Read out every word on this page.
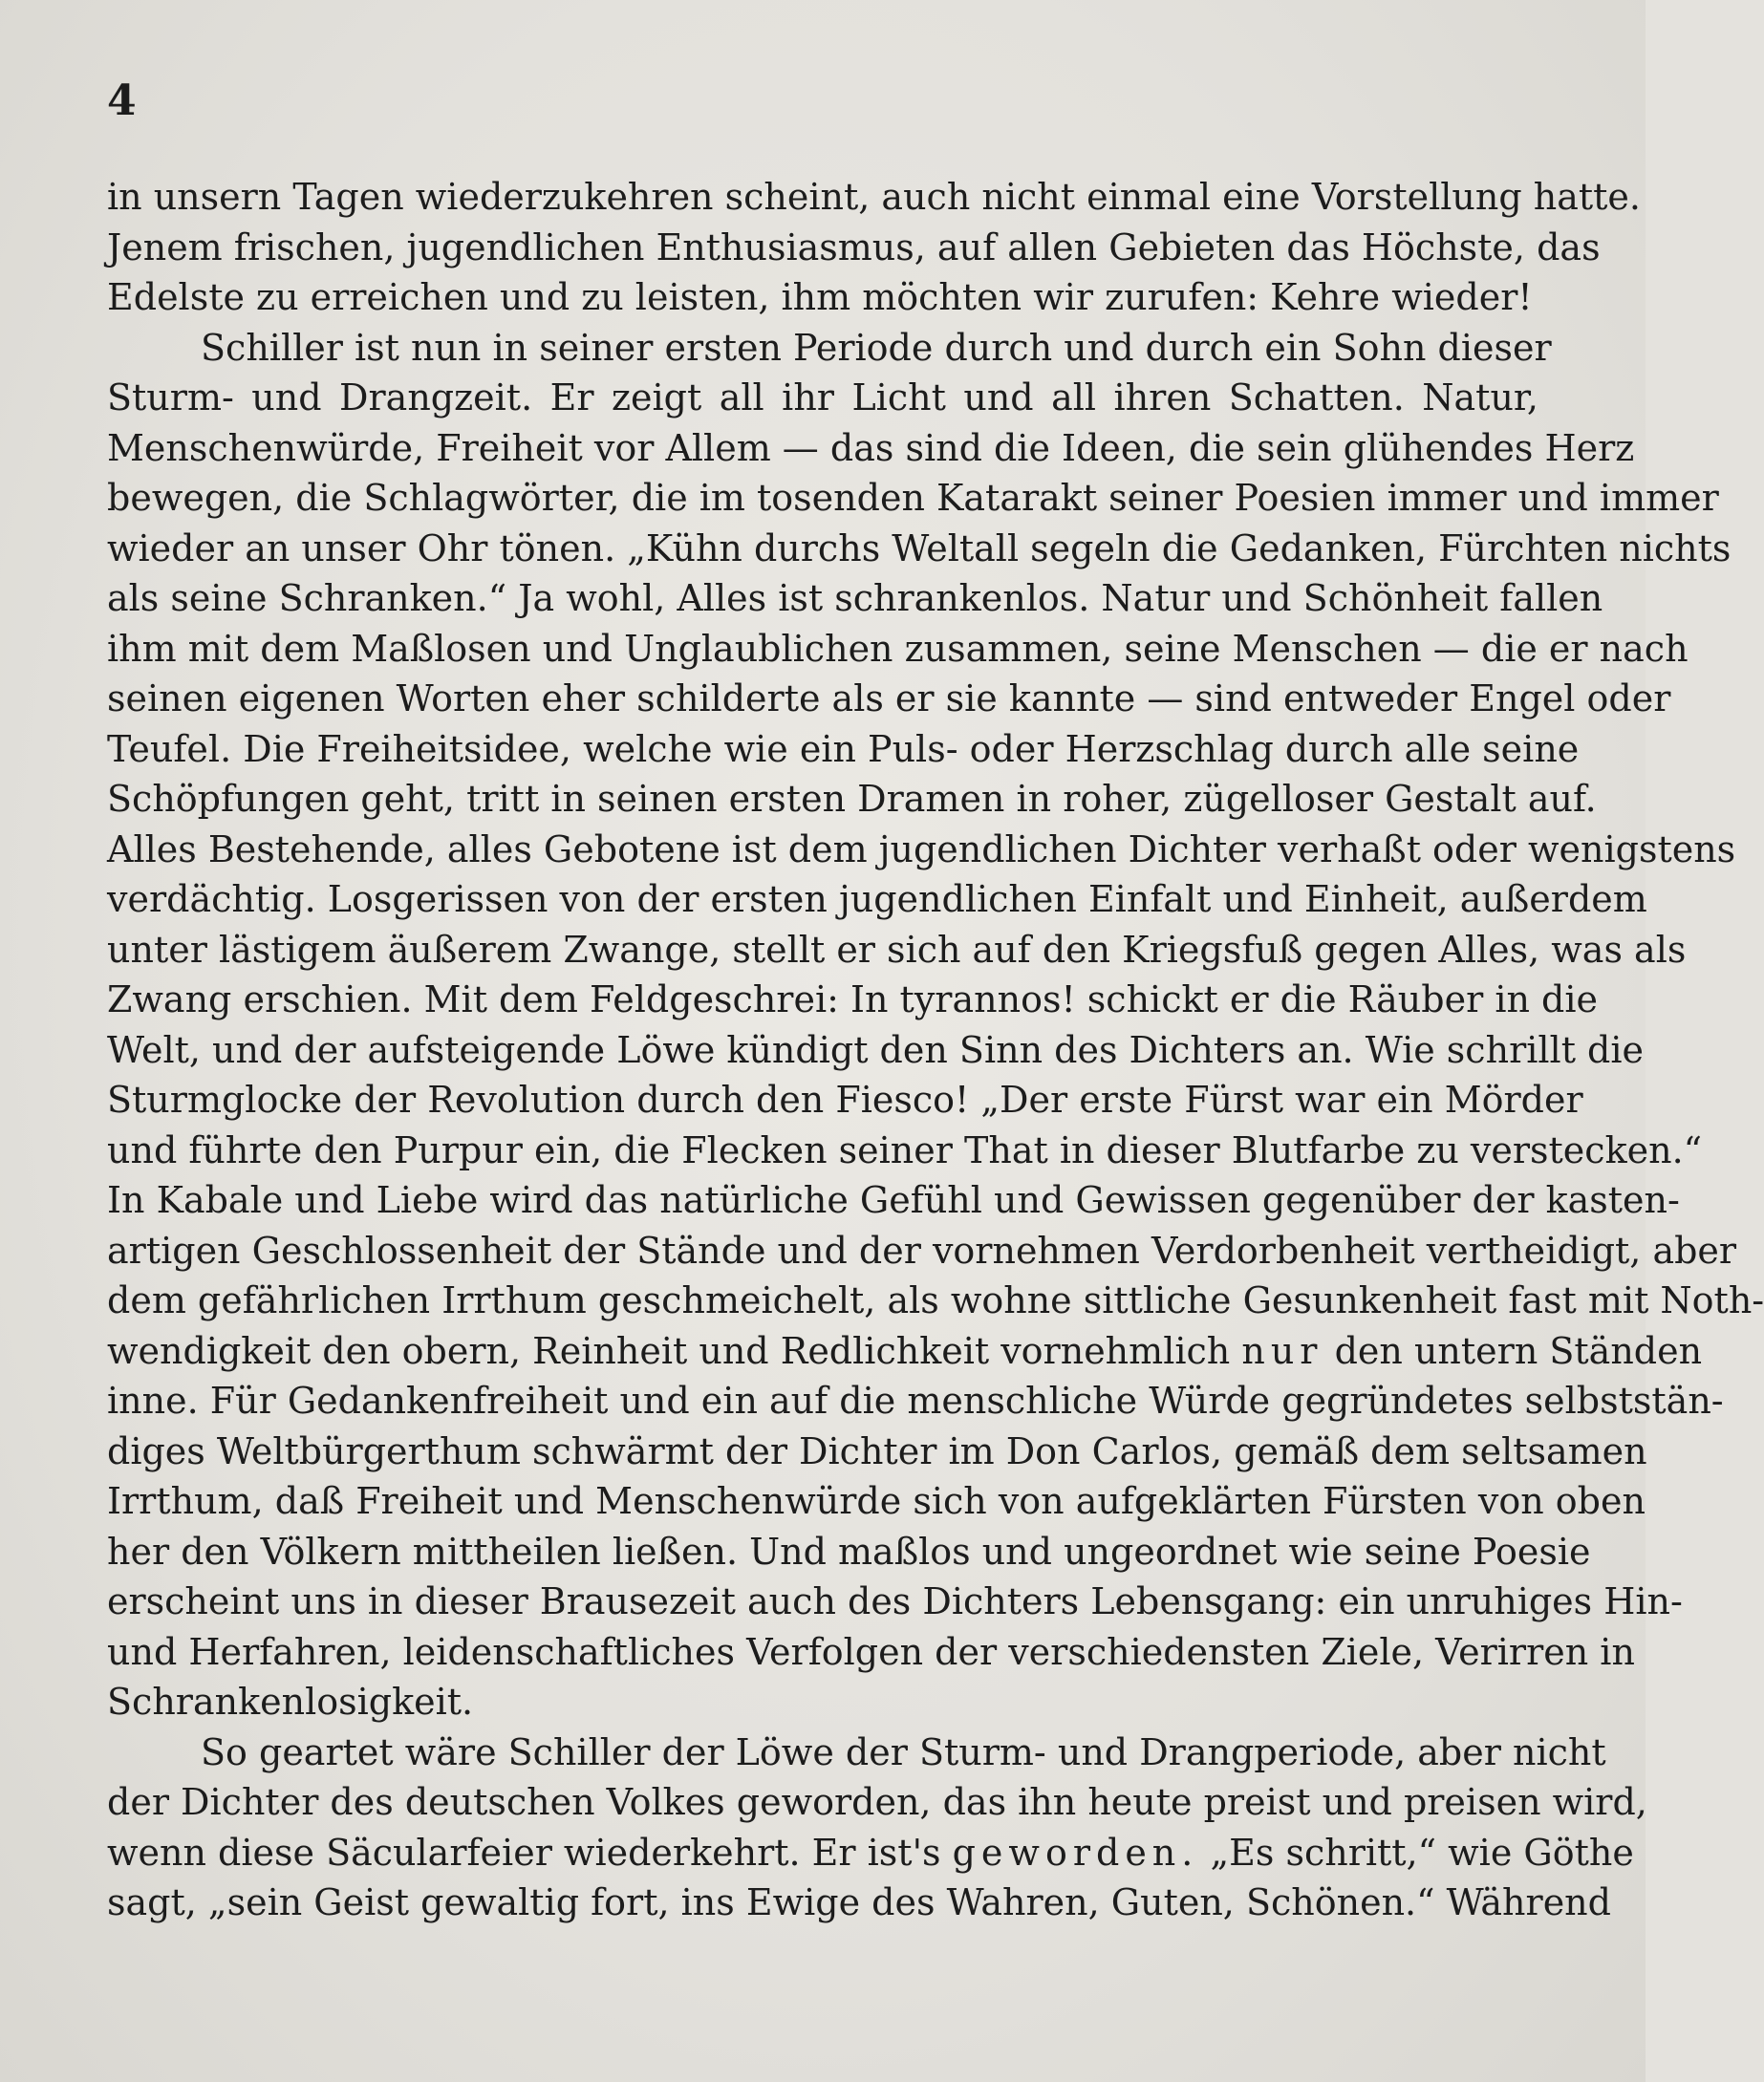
4
in unsern Tagen wiederzukehren scheint, auch nicht einmal eine Vorstellung hatte.
Jenem frischen, jugendlichen Enthusiasmus, auf allen Gebieten das Höchste, das
Edelste zu erreichen und zu leisten, ihm möchten wir zurufen: Kehre wieder!
Schiller ist nun in seiner ersten Periode durch und durch ein Sohn dieser
Sturm- und Drangzeit. Er zeigt all ihr Licht und all ihren Schatten. Natur,
Menschenwürde, Freiheit vor Allem — das sind die Ideen, die sein glühendes Herz
bewegen, die Schlagwörter, die im tosenden Katarakt seiner Poesien immer und immer
wieder an unser Ohr tönen. „Kühn durchs Weltall segeln die Gedanken, Fürchten nichts
als seine Schranken.“ Ja wohl, Alles ist schrankenlos. Natur und Schönheit fallen
ihm mit dem Maßlosen und Unglaublichen zusammen, seine Menschen — die er nach
seinen eigenen Worten eher schilderte als er sie kannte — sind entweder Engel oder
Teufel. Die Freiheitsidee, welche wie ein Puls- oder Herzschlag durch alle seine
Schöpfungen geht, tritt in seinen ersten Dramen in roher, zügelloser Gestalt auf.
Alles Bestehende, alles Gebotene ist dem jugendlichen Dichter verhaßt oder wenigstens
verdächtig. Losgerissen von der ersten jugendlichen Einfalt und Einheit, außerdem
unter lästigem äußerem Zwange, stellt er sich auf den Kriegsfuß gegen Alles, was als
Zwang erschien. Mit dem Feldgeschrei: In tyrannos! schickt er die Räuber in die
Welt, und der aufsteigende Löwe kündigt den Sinn des Dichters an. Wie schrillt die
Sturmglocke der Revolution durch den Fiesco! „Der erste Fürst war ein Mörder
und führte den Purpur ein, die Flecken seiner That in dieser Blutfarbe zu verstecken.“
In Kabale und Liebe wird das natürliche Gefühl und Gewissen gegenüber der kasten-
artigen Geschlossenheit der Stände und der vornehmen Verdorbenheit vertheidigt, aber
dem gefährlichen Irrthum geschmeichelt, als wohne sittliche Gesunkenheit fast mit Noth-
wendigkeit den obern, Reinheit und Redlichkeit vornehmlich nur den untern Ständen
inne. Für Gedankenfreiheit und ein auf die menschliche Würde gegründetes selbststän-
diges Weltbürgerthum schwärmt der Dichter im Don Carlos, gemäß dem seltsamen
Irrthum, daß Freiheit und Menschenwürde sich von aufgeklärten Fürsten von oben
her den Völkern mittheilen ließen. Und maßlos und ungeordnet wie seine Poesie
erscheint uns in dieser Brausezeit auch des Dichters Lebensgang: ein unruhiges Hin-
und Herfahren, leidenschaftliches Verfolgen der verschiedensten Ziele, Verirren in
Schrankenlosigkeit.
So geartet wäre Schiller der Löwe der Sturm- und Drangperiode, aber nicht
der Dichter des deutschen Volkes geworden, das ihn heute preist und preisen wird,
wenn diese Säcularfeier wiederkehrt. Er ist's geworden. „Es schritt,“ wie Göthe
sagt, „sein Geist gewaltig fort, ins Ewige des Wahren, Guten, Schönen.“ Während
